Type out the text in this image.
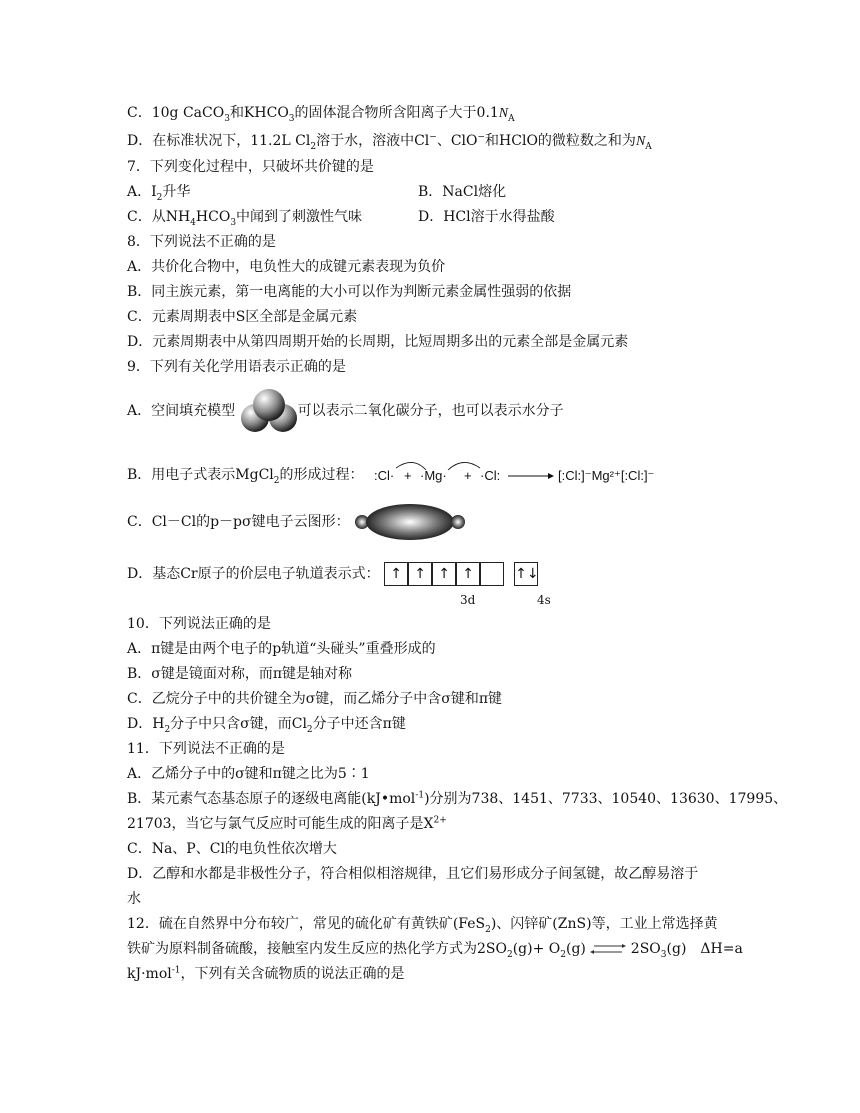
C．10g CaCO$_3$和$KHCO_3$的固体混合物所含阳离子大于$0.1N_A$
D．在标准状况下，11.2L $Cl_2$溶于水，溶液中Cl−、ClO−和HClO的微粒数之和为$N_A$
7．下列变化过程中，只破坏共价键的是
A．$I_2$升华	B．NaCl熔化
C．从$NH_4HCO_3$中闻到了刺激性气味	D．HCl溶于水得盐酸
8．下列说法不正确的是
A．共价化合物中，电负性大的成键元素表现为负价
B．同主族元素，第一电离能的大小可以作为判断元素金属性强弱的依据
C．元素周期表中S区全部是金属元素
D．元素周期表中从第四周期开始的长周期，比短周期多出的元素全部是金属元素
9．下列有关化学用语表示正确的是
A．空间填充模型	可以表示二氧化碳分子，也可以表示水分子
B．用电子式表示MgCl$_2$的形成过程： :Cl· + ·Mg· + ·Cl:	[:Cl:]⁻Mg²⁺[:Cl:]⁻
C．Cl－Cl的p－pσ键电子云图形：
D．基态Cr原子的价层电子轨道表示式： ↑ ↑ ↑ ↑	↑↓
3d	4s
10．下列说法正确的是
A．π键是由两个电子的p轨道“头碰头”重叠形成的
B．σ键是镜面对称，而π键是轴对称
C．乙烷分子中的共价键全为σ键，而乙烯分子中含σ键和π键
D．$H_2$分子中只含σ键，而$Cl_2$分子中还含π键
11．下列说法不正确的是
A．乙烯分子中的σ键和π键之比为5∶1
B．某元素气态基态原子的逐级电离能(kJ•mol$^{-1}$)分别为738、1451、7733、10540、13630、17995、
21703，当它与氯气反应时可能生成的阳离子是$X^{2+}$
C．Na、P、Cl的电负性依次增大
D．乙醇和水都是非极性分子，符合相似相溶规律，且它们易形成分子间氢键，故乙醇易溶于
水
12．硫在自然界中分布较广，常见的硫化矿有黄铁矿(FeS$_2$)、闪锌矿(ZnS)等，工业上常选择黄
铁矿为原料制备硫酸，接触室内发生反应的热化学方式为$2SO_2(g)+ O_2(g)$ ⇌ $2SO_3(g)$　ΔH=a
kJ·mol$^{-1}$，下列有关含硫物质的说法正确的是
